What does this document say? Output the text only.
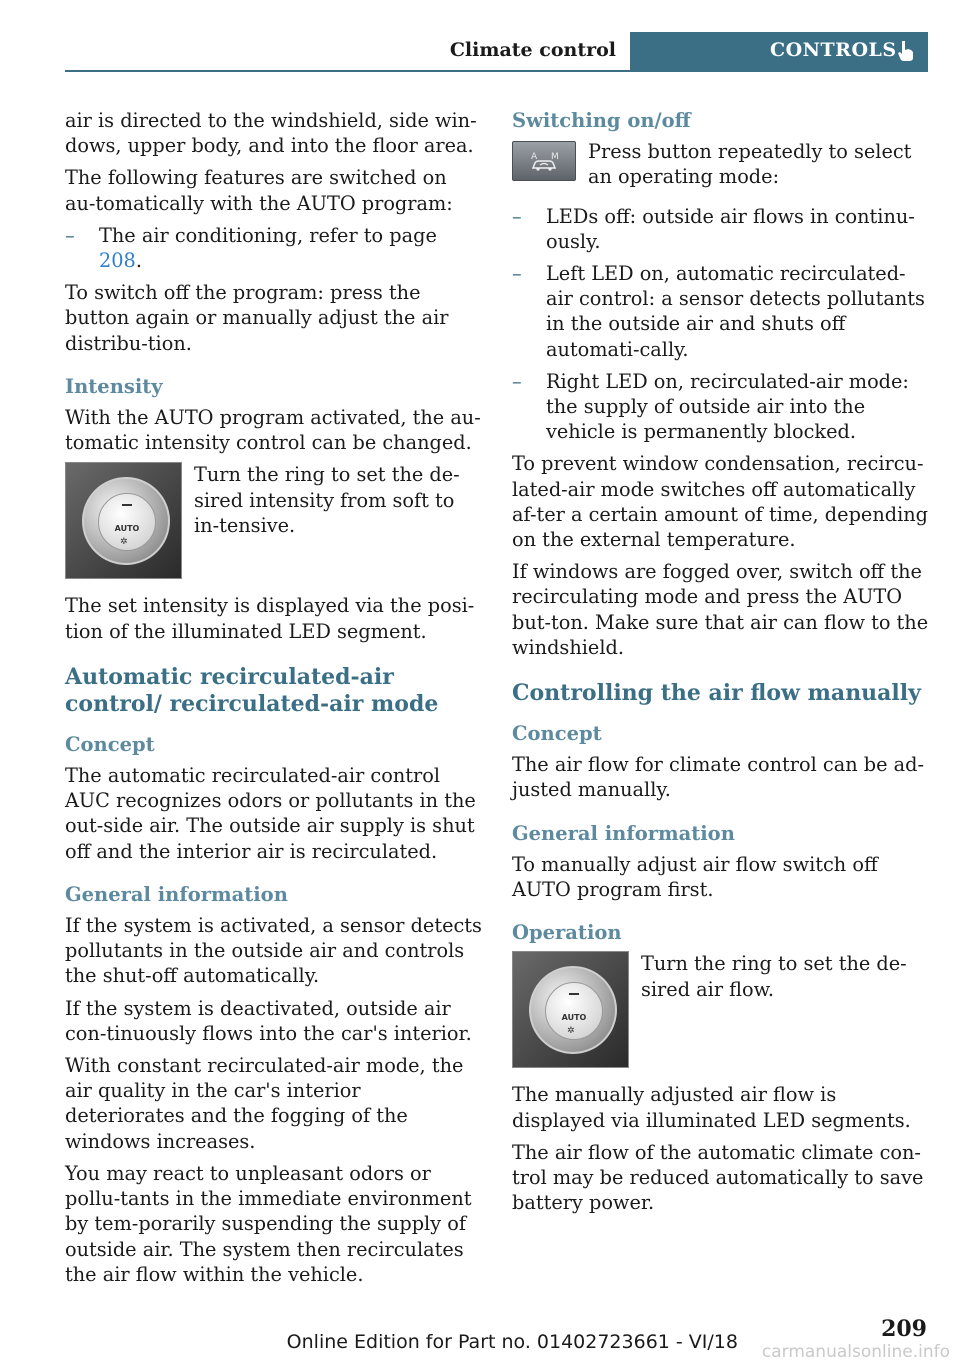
Climate control	CONTROLS

air is directed to the windshield, side win-dows, upper body, and into the floor area.

The following features are switched on au-tomatically with the AUTO program:

– The air conditioning, refer to page 208.

To switch off the program: press the button again or manually adjust the air distribu-tion.

Intensity

With the AUTO program activated, the au-tomatic intensity control can be changed.

AUTO
✲
Turn the ring to set the de-sired intensity from soft to in-tensive.

The set intensity is displayed via the posi-tion of the illuminated LED segment.

Automatic recirculated-air control/ recirculated-air mode
Concept

The automatic recirculated-air control AUC recognizes odors or pollutants in the out-side air. The outside air supply is shut off and the interior air is recirculated.

General information

If the system is activated, a sensor detects pollutants in the outside air and controls the shut-off automatically.

If the system is deactivated, outside air con-tinuously flows into the car's interior.

With constant recirculated-air mode, the air quality in the car's interior deteriorates and the fogging of the windows increases.

You may react to unpleasant odors or pollu-tants in the immediate environment by tem-porarily suspending the supply of outside air. The system then recirculates the air flow within the vehicle.

Switching on/off
A M Press button repeatedly to select an operating mode:
– LEDs off: outside air flows in continu-ously.
– Left LED on, automatic recirculated-air control: a sensor detects pollutants in the outside air and shuts off automati-cally.
– Right LED on, recirculated-air mode: the supply of outside air into the vehicle is permanently blocked.

To prevent window condensation, recircu-lated-air mode switches off automatically af-ter a certain amount of time, depending on the external temperature.

If windows are fogged over, switch off the recirculating mode and press the AUTO but-ton. Make sure that air can flow to the windshield.

Controlling the air flow manually
Concept

The air flow for climate control can be ad-justed manually.

General information

To manually adjust air flow switch off AUTO program first.

Operation
AUTO
✲
Turn the ring to set the de-sired air flow.

The manually adjusted air flow is displayed via illuminated LED segments.

The air flow of the automatic climate con-trol may be reduced automatically to save battery power.

209
Online Edition for Part no. 01402723661 - VI/18 carmanualsonline.info
